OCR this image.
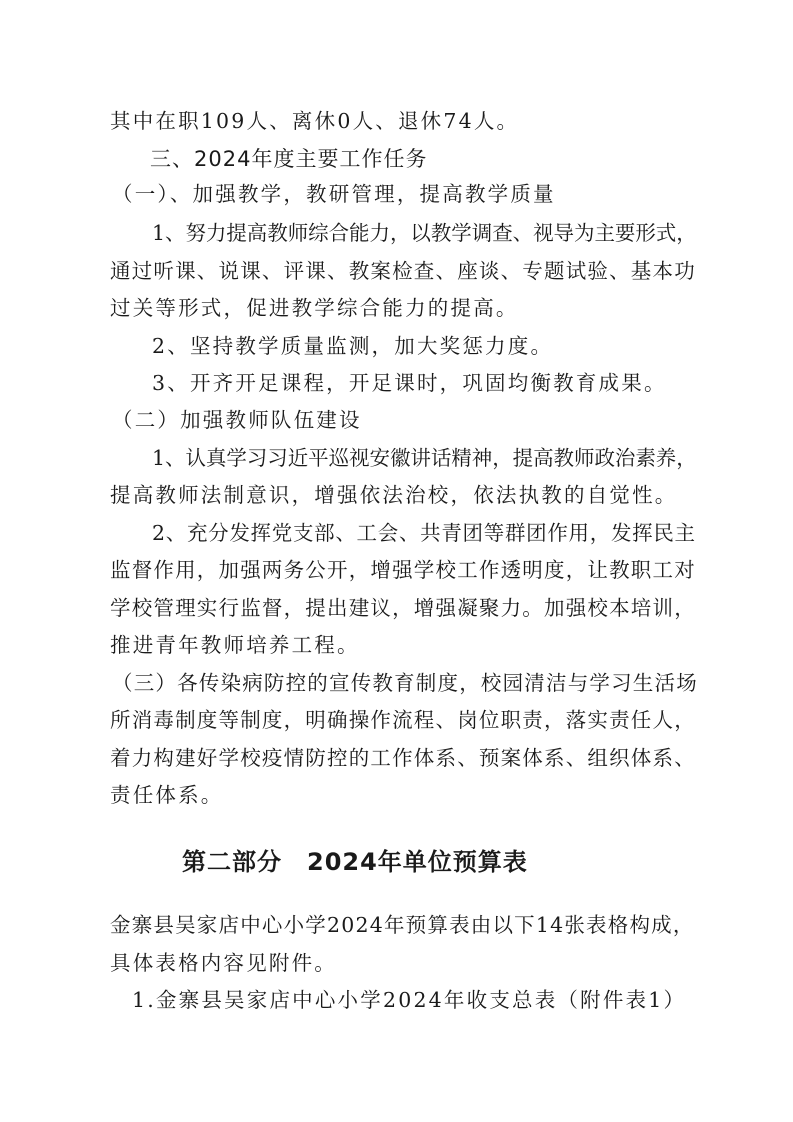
其中在职109人、离休0人、退休74人。
三、2024年度主要工作任务
（一）、加强教学，教研管理，提高教学质量
1、努力提高教师综合能力，以教学调查、视导为主要形式，
通过听课、说课、评课、教案检查、座谈、专题试验、基本功
过关等形式，促进教学综合能力的提高。
2、坚持教学质量监测，加大奖惩力度。
3、开齐开足课程，开足课时，巩固均衡教育成果。
（二）加强教师队伍建设
1、认真学习习近平巡视安徽讲话精神，提高教师政治素养，
提高教师法制意识，增强依法治校，依法执教的自觉性。
2、充分发挥党支部、工会、共青团等群团作用，发挥民主
监督作用，加强两务公开，增强学校工作透明度，让教职工对
学校管理实行监督，提出建议，增强凝聚力。加强校本培训，
推进青年教师培养工程。
（三）各传染病防控的宣传教育制度，校园清洁与学习生活场
所消毒制度等制度，明确操作流程、岗位职责，落实责任人，
着力构建好学校疫情防控的工作体系、预案体系、组织体系、
责任体系。
第二部分　2024年单位预算表
金寨县吴家店中心小学2024年预算表由以下14张表格构成，
具体表格内容见附件。
1.金寨县吴家店中心小学2024年收支总表（附件表1）
